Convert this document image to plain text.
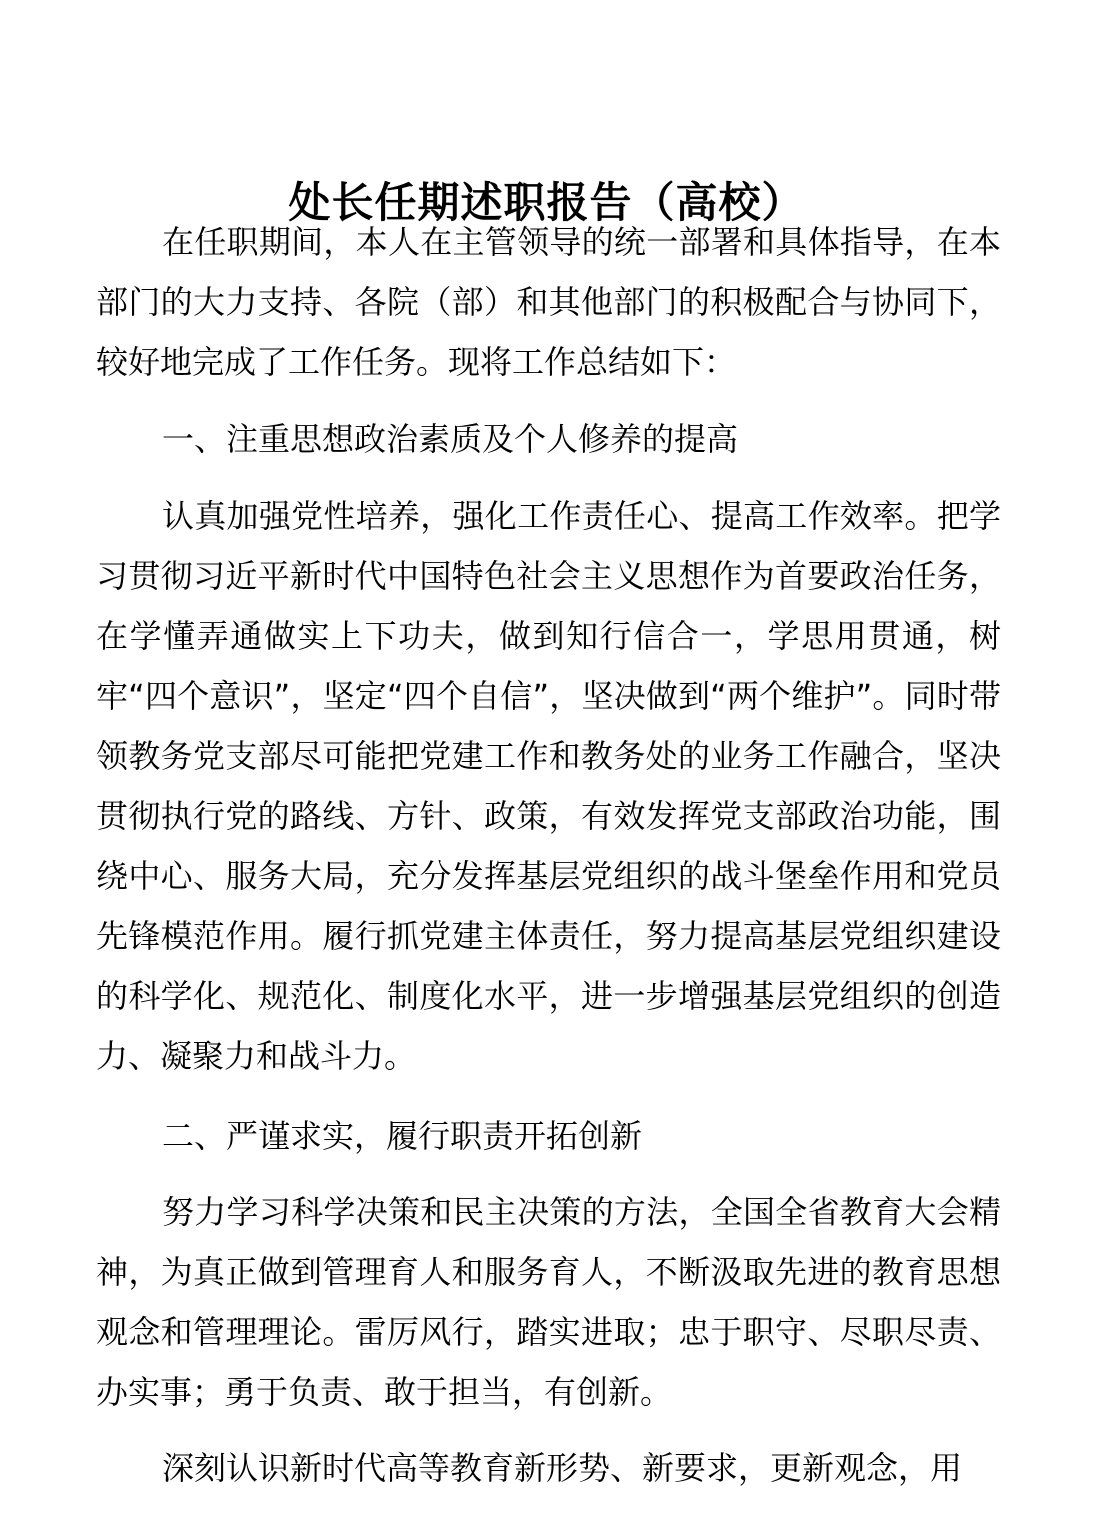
处长任期述职报告（高校）

在任职期间，本人在主管领导的统一部署和具体指导，在本部门的大力支持、各院（部）和其他部门的积极配合与协同下，较好地完成了工作任务。现将工作总结如下：

一、注重思想政治素质及个人修养的提高

认真加强党性培养，强化工作责任心、提高工作效率。把学习贯彻习近平新时代中国特色社会主义思想作为首要政治任务，在学懂弄通做实上下功夫，做到知行信合一，学思用贯通，树牢“四个意识”，坚定“四个自信”，坚决做到“两个维护”。同时带领教务党支部尽可能把党建工作和教务处的业务工作融合，坚决贯彻执行党的路线、方针、政策，有效发挥党支部政治功能，围绕中心、服务大局，充分发挥基层党组织的战斗堡垒作用和党员先锋模范作用。履行抓党建主体责任，努力提高基层党组织建设的科学化、规范化、制度化水平，进一步增强基层党组织的创造力、凝聚力和战斗力。

二、严谨求实，履行职责开拓创新

努力学习科学决策和民主决策的方法，全国全省教育大会精神，为真正做到管理育人和服务育人，不断汲取先进的教育思想观念和管理理论。雷厉风行，踏实进取；忠于职守、尽职尽责、办实事；勇于负责、敢于担当，有创新。

深刻认识新时代高等教育新形势、新要求，更新观念，用
